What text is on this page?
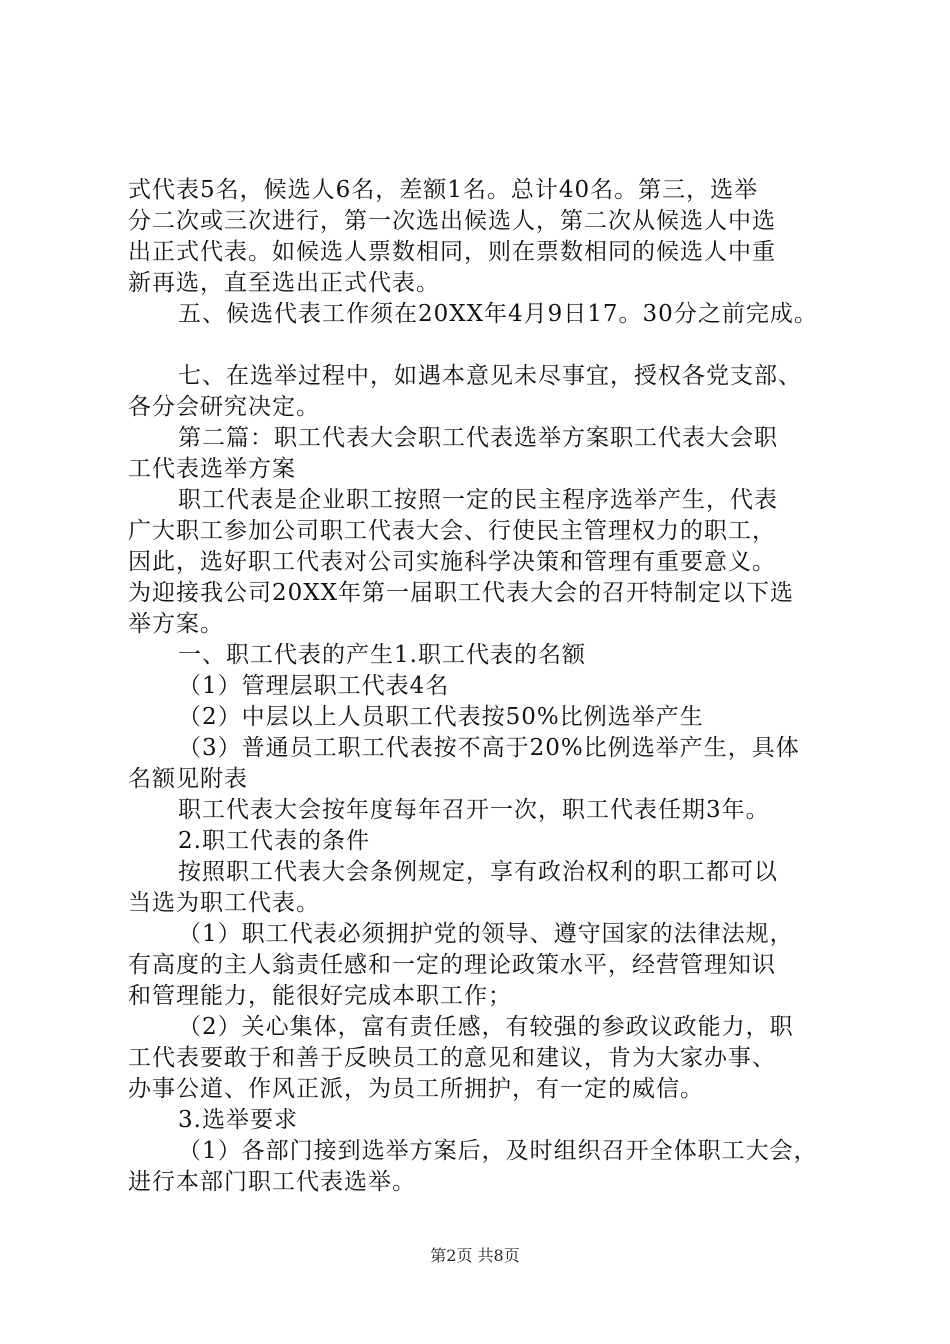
式代表5名，候选人6名，差额1名。总计40名。第三，选举
分二次或三次进行，第一次选出候选人，第二次从候选人中选
出正式代表。如候选人票数相同，则在票数相同的候选人中重
新再选，直至选出正式代表。
五、候选代表工作须在20XX年4月9日17。30分之前完成。
七、在选举过程中，如遇本意见未尽事宜，授权各党支部、
各分会研究决定。
第二篇：职工代表大会职工代表选举方案职工代表大会职
工代表选举方案
职工代表是企业职工按照一定的民主程序选举产生，代表
广大职工参加公司职工代表大会、行使民主管理权力的职工，
因此，选好职工代表对公司实施科学决策和管理有重要意义。
为迎接我公司20XX年第一届职工代表大会的召开特制定以下选
举方案。
一、职工代表的产生1.职工代表的名额
（1）管理层职工代表4名
（2）中层以上人员职工代表按50%比例选举产生
（3）普通员工职工代表按不高于20%比例选举产生，具体
名额见附表
职工代表大会按年度每年召开一次，职工代表任期3年。
2.职工代表的条件
按照职工代表大会条例规定，享有政治权利的职工都可以
当选为职工代表。
（1）职工代表必须拥护党的领导、遵守国家的法律法规，
有高度的主人翁责任感和一定的理论政策水平，经营管理知识
和管理能力，能很好完成本职工作；
（2）关心集体，富有责任感，有较强的参政议政能力，职
工代表要敢于和善于反映员工的意见和建议，肯为大家办事、
办事公道、作风正派，为员工所拥护，有一定的威信。
3.选举要求
（1）各部门接到选举方案后，及时组织召开全体职工大会，
进行本部门职工代表选举。
第2页 共8页
